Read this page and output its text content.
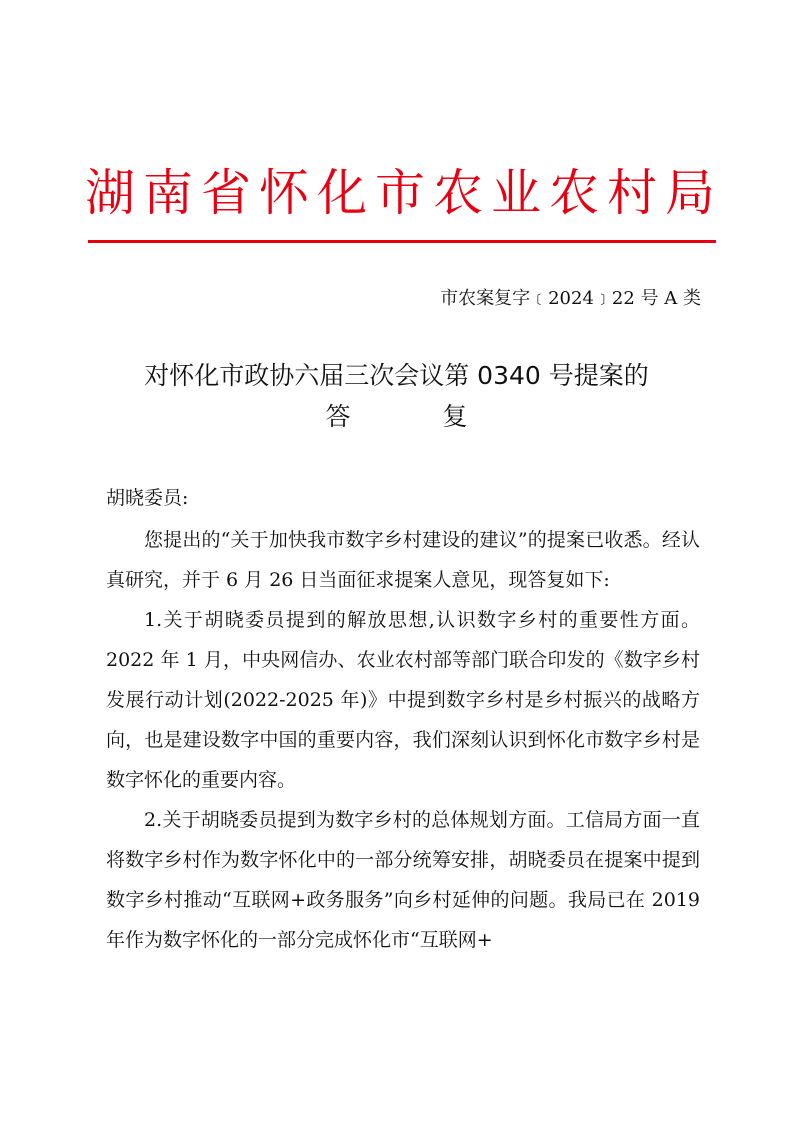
湖 南 省 怀 化 市 农 业 农 村 局
市农案复字﹝2024﹞22 号 A 类
对怀化市政协六届三次会议第 0340 号提案的
答	复

胡晓委员:

您提出的“关于加快我市数字乡村建设的建议”的提案已收悉。经认真研究，并于 6 月 26 日当面征求提案人意见，现答复如下:

1.关于胡晓委员提到的解放思想,认识数字乡村的重要性方面。2022 年 1 月，中央网信办、农业农村部等部门联合印发的《数字乡村发展行动计划(2022-2025 年)》中提到数字乡村是乡村振兴的战略方向，也是建设数字中国的重要内容，我们深刻认识到怀化市数字乡村是数字怀化的重要内容。

2.关于胡晓委员提到为数字乡村的总体规划方面。工信局方面一直将数字乡村作为数字怀化中的一部分统筹安排，胡晓委员在提案中提到数字乡村推动“互联网+政务服务”向乡村延伸的问题。我局已在 2019 年作为数字怀化的一部分完成怀化市“互联网+
